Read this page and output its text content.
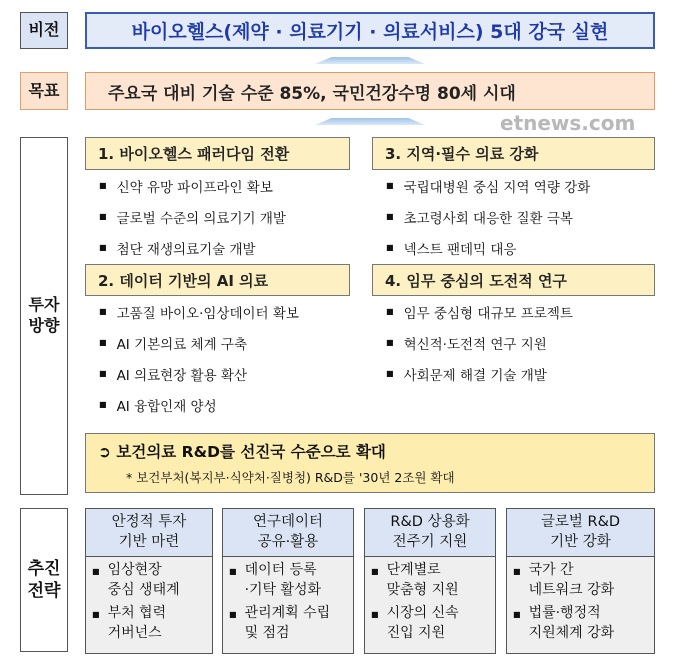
비전	바이오헬스(제약 · 의료기기 · 의료서비스) 5대 강국 실현
목표	주요국 대비 기술 수준 85%, 국민건강수명 80세 시대
투자
방향
1. 바이오헬스 패러다임 전환
■ 신약 유망 파이프라인 확보
■ 글로벌 수준의 의료기기 개발
■ 첨단 재생의료기술 개발
2. 데이터 기반의 AI 의료
■ 고품질 바이오·임상데이터 확보
■ AI 기본의료 체계 구축
■ AI 의료현장 활용 확산
■ AI 융합인재 양성
3. 지역·필수 의료 강화
■ 국립대병원 중심 지역 역량 강화
■ 초고령사회 대응한 질환 극복
■ 넥스트 팬데믹 대응
4. 임무 중심의 도전적 연구
■ 임무 중심형 대규모 프로젝트
■ 혁신적·도전적 연구 지원
■ 사회문제 해결 기술 개발
➲ 보건의료 R&D를 선진국 수준으로 확대
* 보건부처(복지부·식약처·질병청) R&D를 '30년 2조원 확대
추진
전략
안정적 투자
기반 마련
■ 임상현장
중심 생태계
■ 부처 협력
거버넌스
연구데이터
공유·활용
■ 데이터 등록
·기탁 활성화
■ 관리계획 수립
및 점검
R&D 상용화
전주기 지원
■ 단계별로
맞춤형 지원
■ 시장의 신속
진입 지원
글로벌 R&D
기반 강화
■ 국가 간
네트워크 강화
■ 법률·행정적
지원체계 강화
etnews.com
